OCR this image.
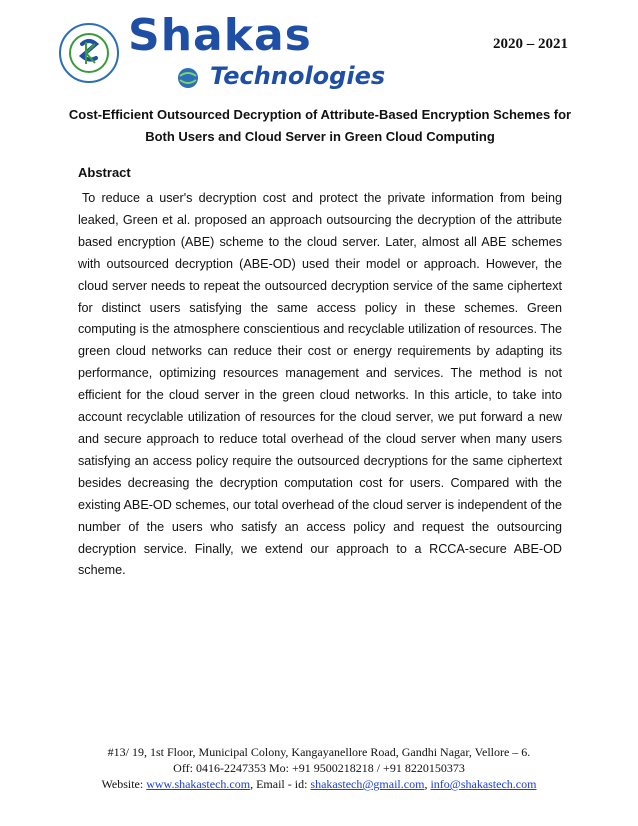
Shakas
Technologies
2020 – 2021
Cost-Efficient Outsourced Decryption of Attribute-Based Encryption Schemes for Both Users and Cloud Server in Green Cloud Computing
Abstract
To reduce a user's decryption cost and protect the private information from being leaked, Green et al. proposed an approach outsourcing the decryption of the attribute based encryption (ABE) scheme to the cloud server. Later, almost all ABE schemes with outsourced decryption (ABE-OD) used their model or approach. However, the cloud server needs to repeat the outsourced decryption service of the same ciphertext for distinct users satisfying the same access policy in these schemes. Green computing is the atmosphere conscientious and recyclable utilization of resources. The green cloud networks can reduce their cost or energy requirements by adapting its performance, optimizing resources management and services. The method is not efficient for the cloud server in the green cloud networks. In this article, to take into account recyclable utilization of resources for the cloud server, we put forward a new and secure approach to reduce total overhead of the cloud server when many users satisfying an access policy require the outsourced decryptions for the same ciphertext besides decreasing the decryption computation cost for users. Compared with the existing ABE-OD schemes, our total overhead of the cloud server is independent of the number of the users who satisfy an access policy and request the outsourcing decryption service. Finally, we extend our approach to a RCCA-secure ABE-OD scheme.
#13/ 19, 1st Floor, Municipal Colony, Kangayanellore Road, Gandhi Nagar, Vellore – 6.
Off: 0416-2247353 Mo: +91 9500218218 / +91 8220150373
Website: www.shakastech.com, Email - id: shakastech@gmail.com, info@shakastech.com
